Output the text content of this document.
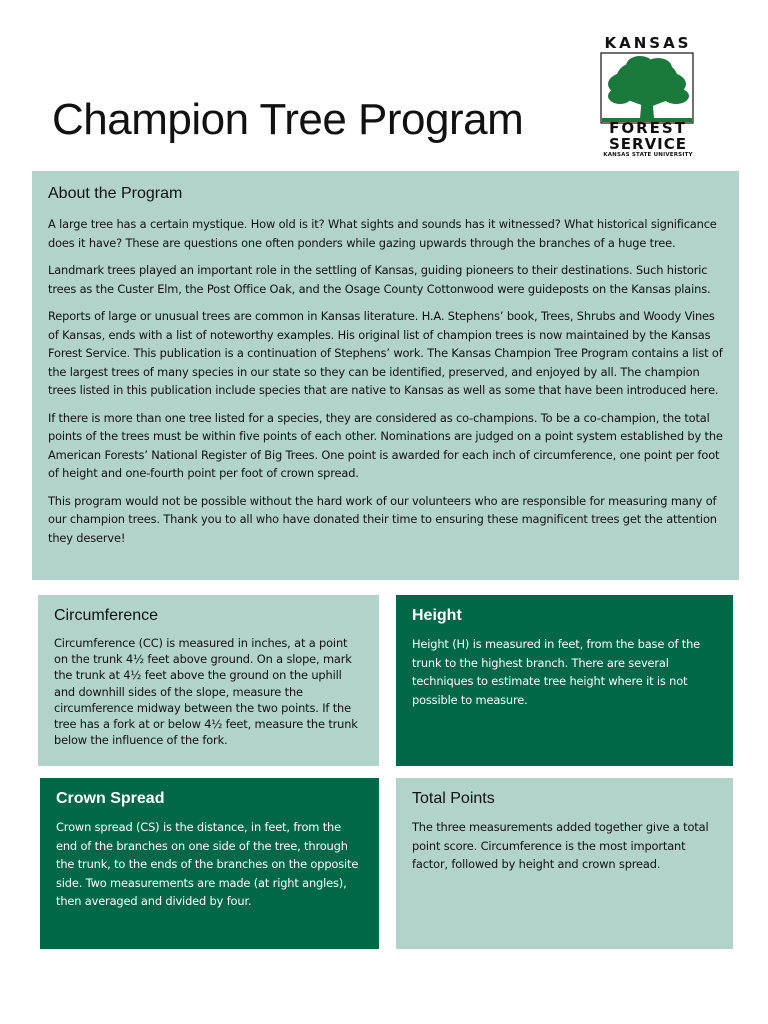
Champion Tree Program
KANSAS
FOREST
SERVICE
KANSAS STATE UNIVERSITY
About the Program

A large tree has a certain mystique. How old is it? What sights and sounds has it witnessed? What historical significance does it have? These are questions one often ponders while gazing upwards through the branches of a huge tree.

Landmark trees played an important role in the settling of Kansas, guiding pioneers to their destinations. Such historic trees as the Custer Elm, the Post Office Oak, and the Osage County Cottonwood were guideposts on the Kansas plains.

Reports of large or unusual trees are common in Kansas literature. H.A. Stephens’ book, Trees, Shrubs and Woody Vines of Kansas, ends with a list of noteworthy examples. His original list of champion trees is now maintained by the Kansas Forest Service. This publication is a continuation of Stephens’ work. The Kansas Champion Tree Program contains a list of the largest trees of many species in our state so they can be identified, preserved, and enjoyed by all. The champion trees listed in this publication include species that are native to Kansas as well as some that have been introduced here.

If there is more than one tree listed for a species, they are considered as co-champions. To be a co-champion, the total points of the trees must be within five points of each other. Nominations are judged on a point system established by the American Forests’ National Register of Big Trees. One point is awarded for each inch of circumference, one point per foot of height and one-fourth point per foot of crown spread.

This program would not be possible without the hard work of our volunteers who are responsible for measuring many of our champion trees. Thank you to all who have donated their time to ensuring these magnificent trees get the attention they deserve!

Circumference

Circumference (CC) is measured in inches, at a point on the trunk 4½ feet above ground. On a slope, mark the trunk at 4½ feet above the ground on the uphill and downhill sides of the slope, measure the circumference midway between the two points. If the tree has a fork at or below 4½ feet, measure the trunk below the influence of the fork.

Height

Height (H) is measured in feet, from the base of the trunk to the highest branch. There are several techniques to estimate tree height where it is not possible to measure.

Crown Spread

Crown spread (CS) is the distance, in feet, from the end of the branches on one side of the tree, through the trunk, to the ends of the branches on the opposite side. Two measurements are made (at right angles), then averaged and divided by four.

Total Points

The three measurements added together give a total point score. Circumference is the most important factor, followed by height and crown spread.
